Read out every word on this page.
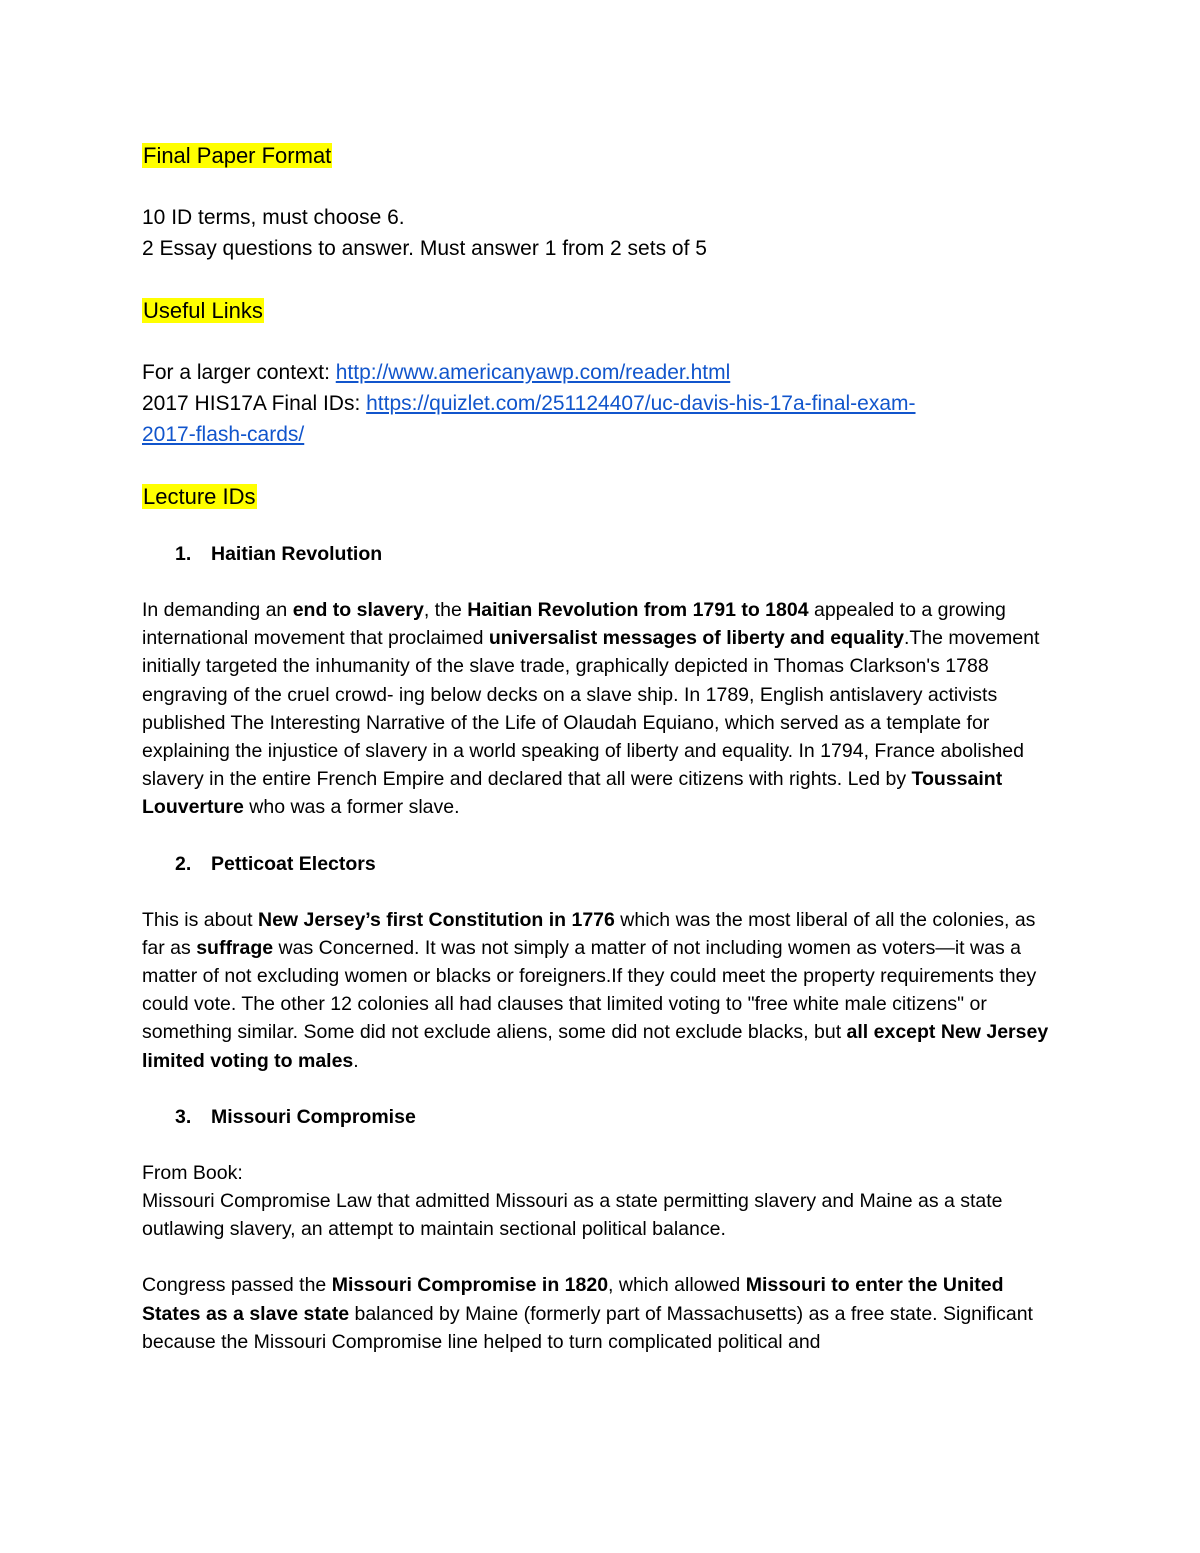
Final Paper Format

10 ID terms, must choose 6.

2 Essay questions to answer. Must answer 1 from 2 sets of 5

Useful Links

For a larger context: http://www.americanyawp.com/reader.html

2017 HIS17A Final IDs: https://quizlet.com/251124407/uc-davis-his-17a-final-exam-

2017-flash-cards/

Lecture IDs

1. Haitian Revolution

In demanding an end to slavery, the Haitian Revolution from 1791 to 1804 appealed to a growing international movement that proclaimed universalist messages of liberty and equality.The movement initially targeted the inhumanity of the slave trade, graphically depicted in Thomas Clarkson's 1788 engraving of the cruel crowd- ing below decks on a slave ship. In 1789, English antislavery activists published The Interesting Narrative of the Life of Olaudah Equiano, which served as a template for explaining the injustice of slavery in a world speaking of liberty and equality. In 1794, France abolished slavery in the entire French Empire and declared that all were citizens with rights. Led by Toussaint Louverture who was a former slave.

2. Petticoat Electors

This is about New Jersey’s first Constitution in 1776 which was the most liberal of all the colonies, as far as suffrage was Concerned. It was not simply a matter of not including women as voters—it was a matter of not excluding women or blacks or foreigners.If they could meet the property requirements they could vote. The other 12 colonies all had clauses that limited voting to "free white male citizens" or something similar. Some did not exclude aliens, some did not exclude blacks, but all except New Jersey limited voting to males.

3. Missouri Compromise

From Book:

Missouri Compromise Law that admitted Missouri as a state permitting slavery and Maine as a state outlawing slavery, an attempt to maintain sectional political balance.

Congress passed the Missouri Compromise in 1820, which allowed Missouri to enter the United States as a slave state balanced by Maine (formerly part of Massachusetts) as a free state. Significant because the Missouri Compromise line helped to turn complicated political and
